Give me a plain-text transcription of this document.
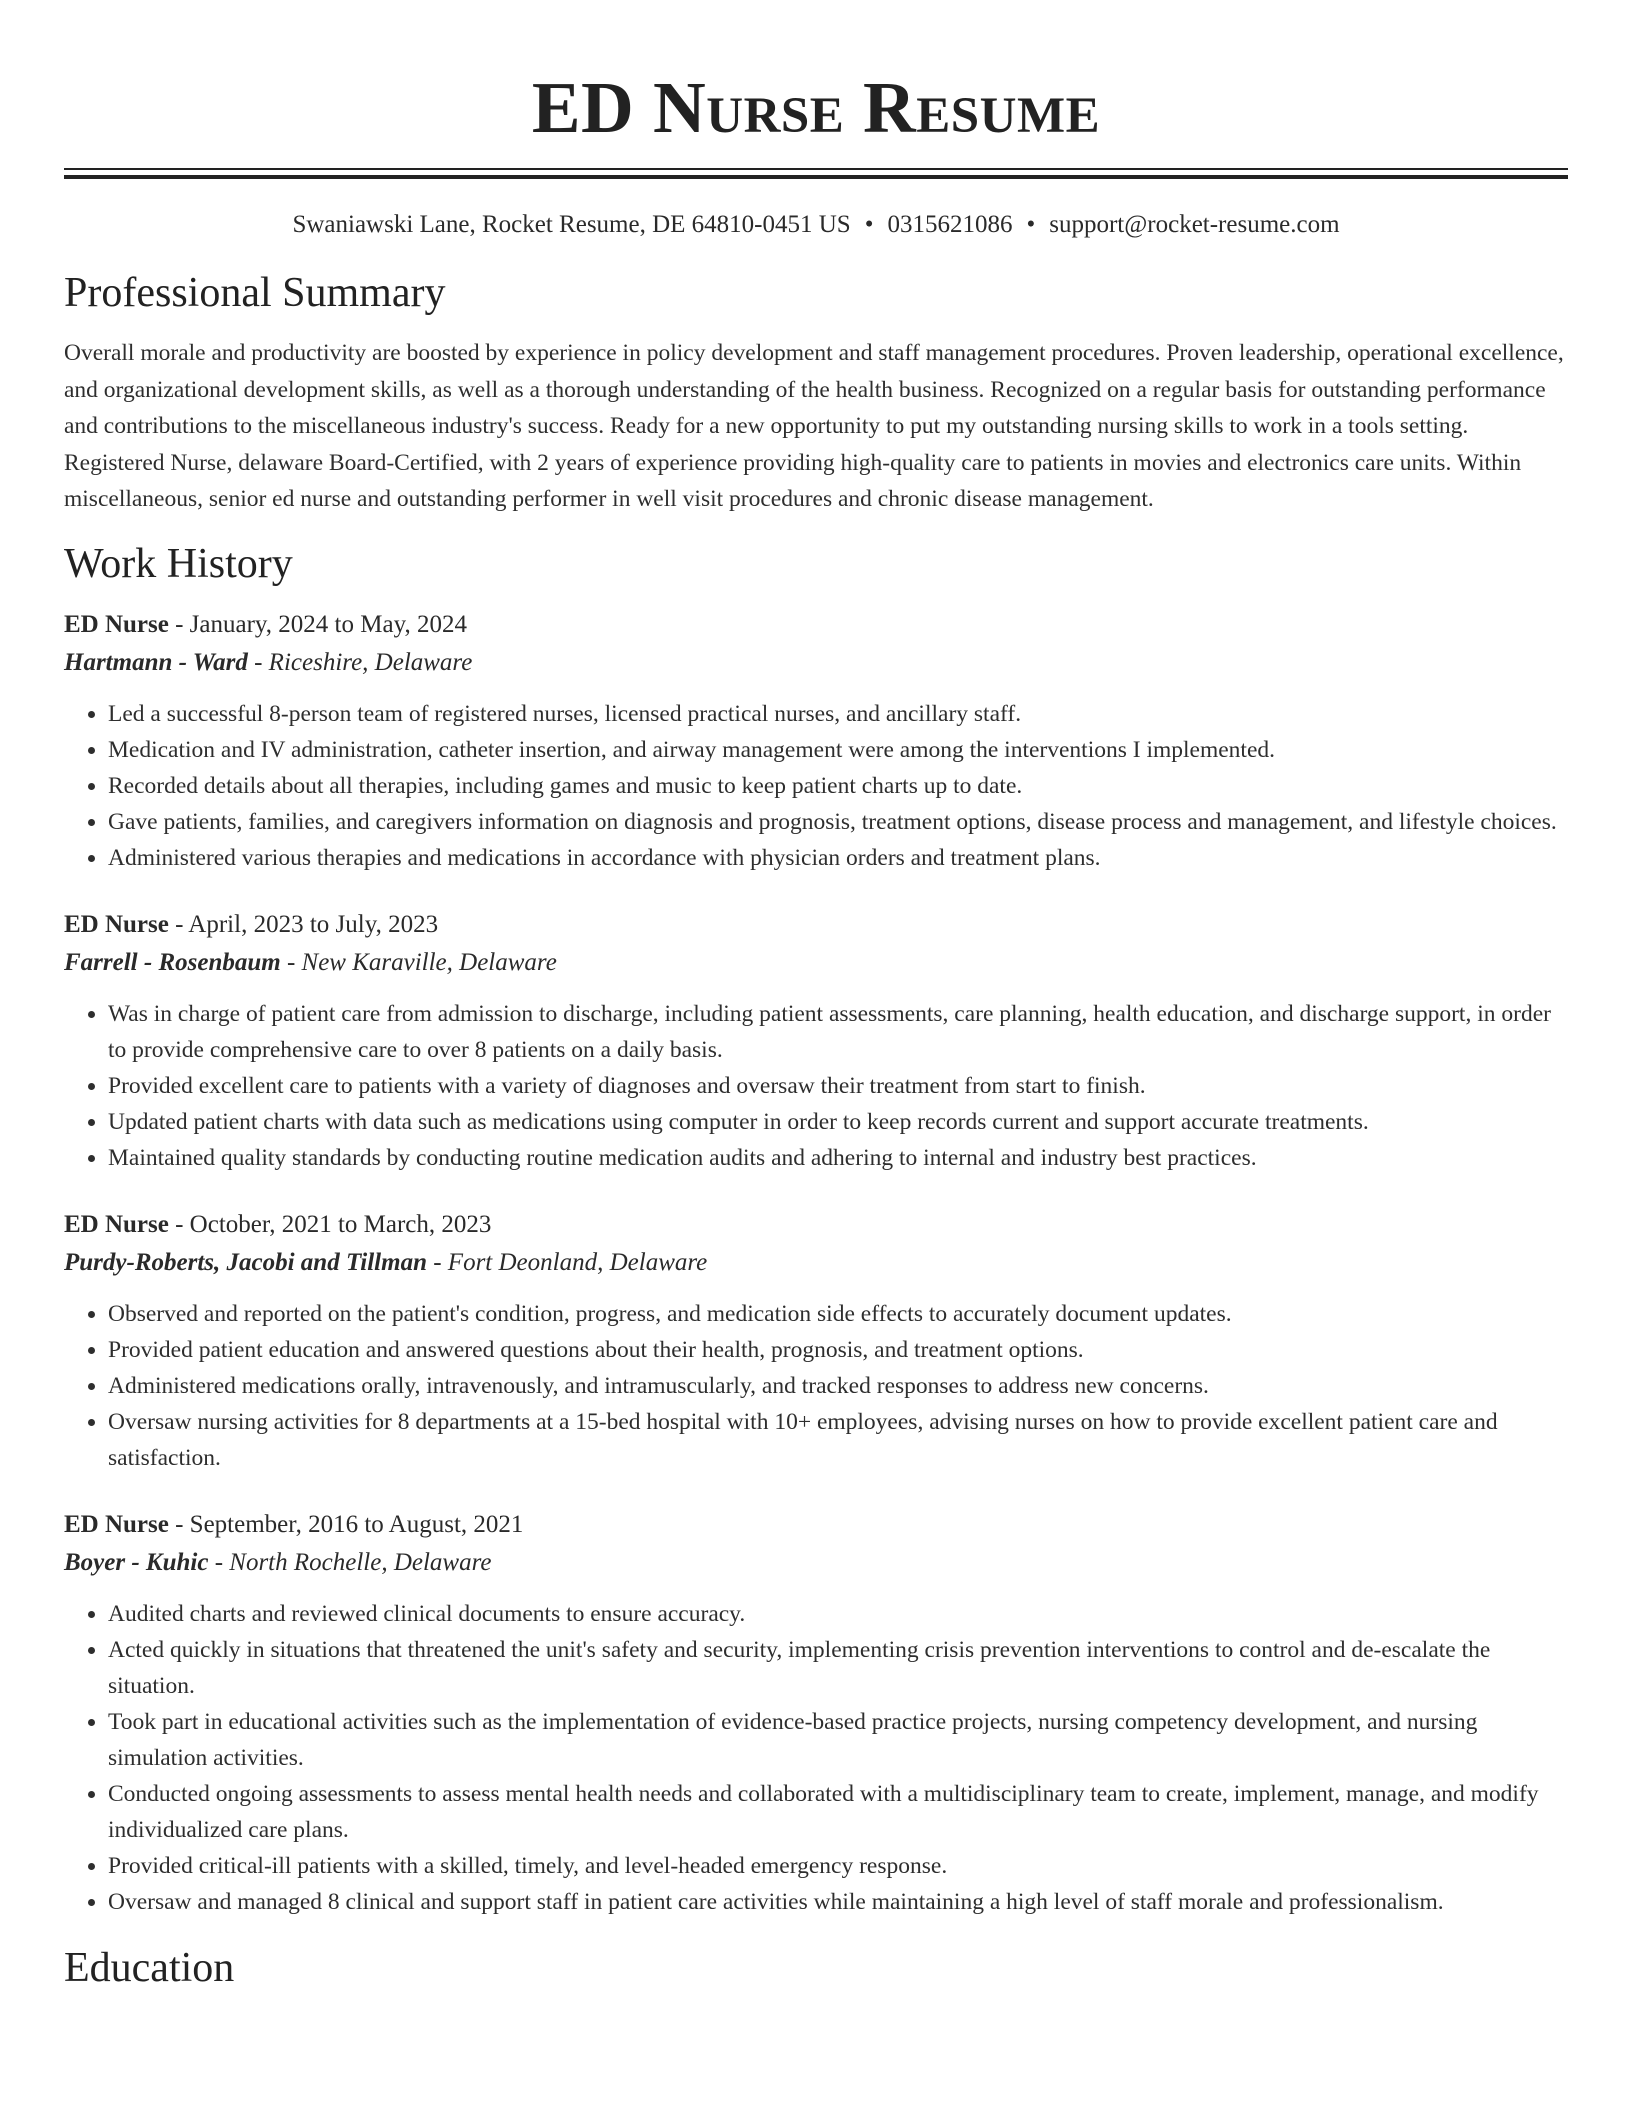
ED Nurse Resume
Swaniawski Lane, Rocket Resume, DE 64810-0451 US • 0315621086 • support@rocket-resume.com
Professional Summary
Overall morale and productivity are boosted by experience in policy development and staff management procedures. Proven leadership, operational excellence, and organizational development skills, as well as a thorough understanding of the health business. Recognized on a regular basis for outstanding performance and contributions to the miscellaneous industry's success. Ready for a new opportunity to put my outstanding nursing skills to work in a tools setting. Registered Nurse, delaware Board-Certified, with 2 years of experience providing high-quality care to patients in movies and electronics care units. Within miscellaneous, senior ed nurse and outstanding performer in well visit procedures and chronic disease management.
Work History
ED Nurse - January, 2024 to May, 2024
Hartmann - Ward - Riceshire, Delaware
• Led a successful 8-person team of registered nurses, licensed practical nurses, and ancillary staff.
• Medication and IV administration, catheter insertion, and airway management were among the interventions I implemented.
• Recorded details about all therapies, including games and music to keep patient charts up to date.
• Gave patients, families, and caregivers information on diagnosis and prognosis, treatment options, disease process and management, and lifestyle choices.
• Administered various therapies and medications in accordance with physician orders and treatment plans.
ED Nurse - April, 2023 to July, 2023
Farrell - Rosenbaum - New Karaville, Delaware
• Was in charge of patient care from admission to discharge, including patient assessments, care planning, health education, and discharge support, in order to provide comprehensive care to over 8 patients on a daily basis.
• Provided excellent care to patients with a variety of diagnoses and oversaw their treatment from start to finish.
• Updated patient charts with data such as medications using computer in order to keep records current and support accurate treatments.
• Maintained quality standards by conducting routine medication audits and adhering to internal and industry best practices.
ED Nurse - October, 2021 to March, 2023
Purdy-Roberts, Jacobi and Tillman - Fort Deonland, Delaware
• Observed and reported on the patient's condition, progress, and medication side effects to accurately document updates.
• Provided patient education and answered questions about their health, prognosis, and treatment options.
• Administered medications orally, intravenously, and intramuscularly, and tracked responses to address new concerns.
• Oversaw nursing activities for 8 departments at a 15-bed hospital with 10+ employees, advising nurses on how to provide excellent patient care and satisfaction.
ED Nurse - September, 2016 to August, 2021
Boyer - Kuhic - North Rochelle, Delaware
• Audited charts and reviewed clinical documents to ensure accuracy.
• Acted quickly in situations that threatened the unit's safety and security, implementing crisis prevention interventions to control and de-escalate the situation.
• Took part in educational activities such as the implementation of evidence-based practice projects, nursing competency development, and nursing simulation activities.
• Conducted ongoing assessments to assess mental health needs and collaborated with a multidisciplinary team to create, implement, manage, and modify individualized care plans.
• Provided critical-ill patients with a skilled, timely, and level-headed emergency response.
• Oversaw and managed 8 clinical and support staff in patient care activities while maintaining a high level of staff morale and professionalism.
Education
